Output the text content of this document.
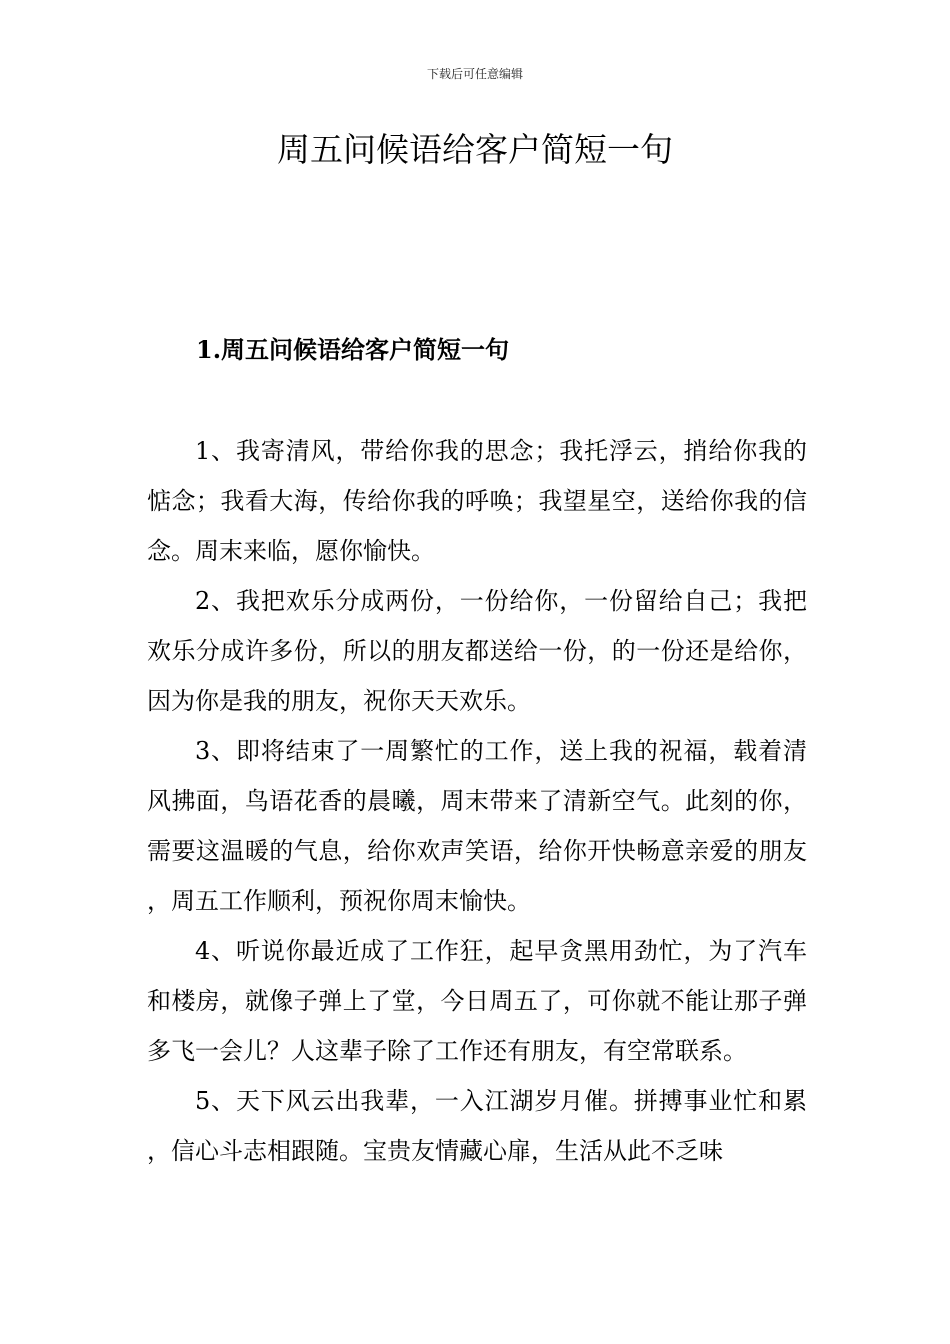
下载后可任意编辑
周五问候语给客户简短一句
1.周五问候语给客户简短一句

1、我寄清风，带给你我的思念；我托浮云，捎给你我的惦念；我看大海，传给你我的呼唤；我望星空，送给你我的信念。周末来临，愿你愉快。

2、我把欢乐分成两份，一份给你，一份留给自己；我把欢乐分成许多份，所以的朋友都送给一份，的一份还是给你，因为你是我的朋友，祝你天天欢乐。

3、即将结束了一周繁忙的工作，送上我的祝福，载着清风拂面，鸟语花香的晨曦，周末带来了清新空气。此刻的你，需要这温暖的气息，给你欢声笑语，给你开快畅意亲爱的朋友，周五工作顺利，预祝你周末愉快。

4、听说你最近成了工作狂，起早贪黑用劲忙，为了汽车和楼房，就像子弹上了堂，今日周五了，可你就不能让那子弹多飞一会儿？人这辈子除了工作还有朋友，有空常联系。

5、天下风云出我辈，一入江湖岁月催。拼搏事业忙和累，信心斗志相跟随。宝贵友情藏心扉，生活从此不乏味
